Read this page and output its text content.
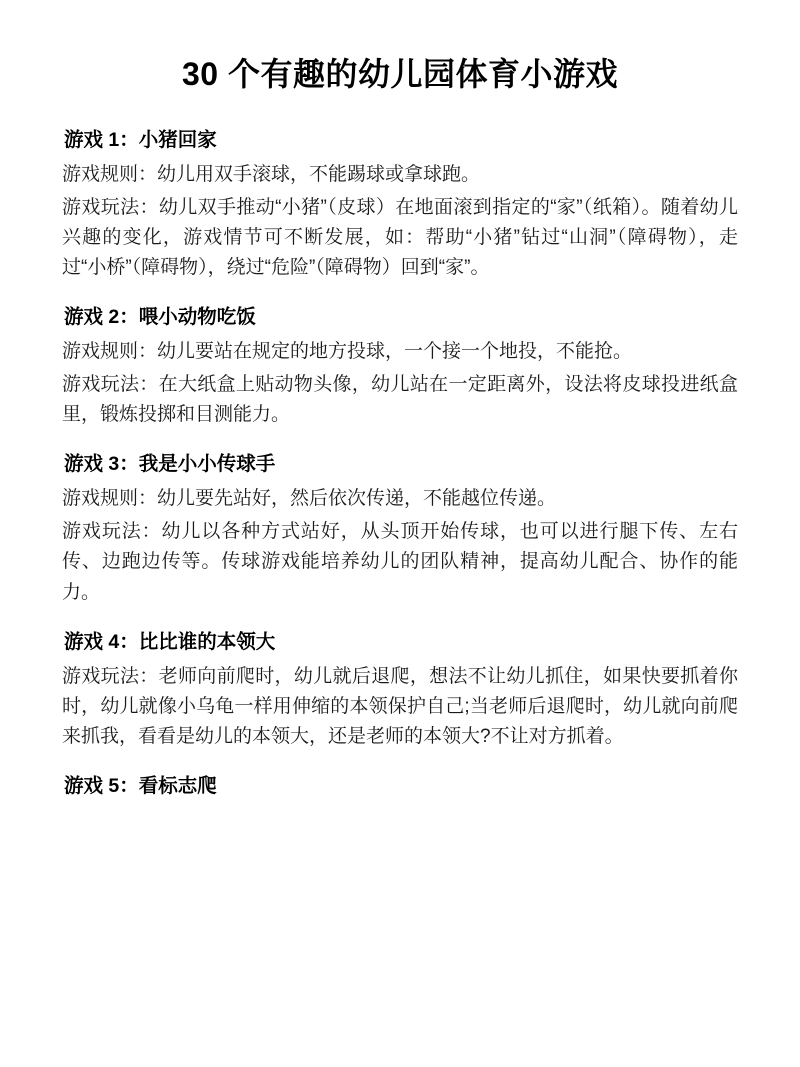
30 个有趣的幼儿园体育小游戏
游戏 1：小猪回家

游戏规则：幼儿用双手滚球，不能踢球或拿球跑。

游戏玩法：幼儿双手推动“小猪”（皮球）在地面滚到指定的“家”（纸箱）。随着幼儿兴趣的变化，游戏情节可不断发展，如：帮助“小猪”钻过“山洞”（障碍物），走过“小桥”（障碍物），绕过“危险”（障碍物）回到“家”。

游戏 2：喂小动物吃饭

游戏规则：幼儿要站在规定的地方投球，一个接一个地投，不能抢。

游戏玩法：在大纸盒上贴动物头像，幼儿站在一定距离外，设法将皮球投进纸盒里，锻炼投掷和目测能力。

游戏 3：我是小小传球手

游戏规则：幼儿要先站好，然后依次传递，不能越位传递。

游戏玩法：幼儿以各种方式站好，从头顶开始传球，也可以进行腿下传、左右传、边跑边传等。传球游戏能培养幼儿的团队精神，提高幼儿配合、协作的能力。

游戏 4：比比谁的本领大

游戏玩法：老师向前爬时，幼儿就后退爬，想法不让幼儿抓住，如果快要抓着你时，幼儿就像小乌龟一样用伸缩的本领保护自己;当老师后退爬时，幼儿就向前爬来抓我，看看是幼儿的本领大，还是老师的本领大?不让对方抓着。

游戏 5：看标志爬
